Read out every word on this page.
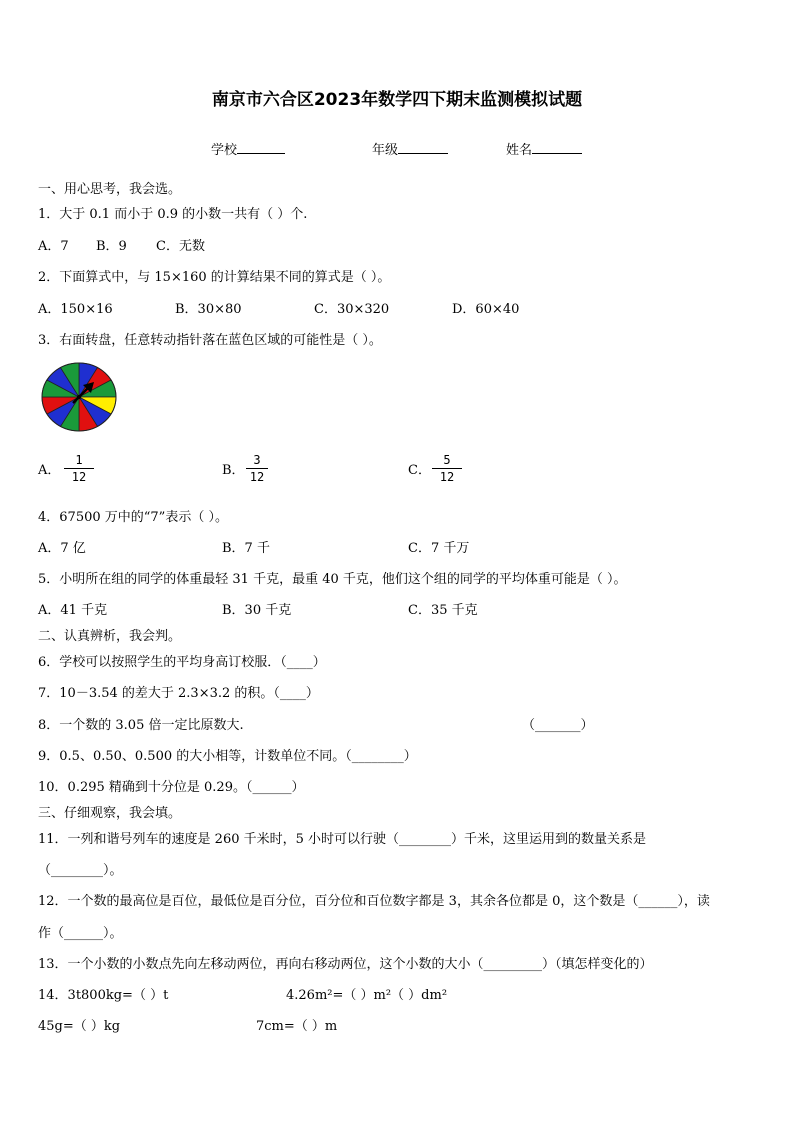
南京市六合区2023年数学四下期末监测模拟试题
学校	年级	姓名
一、用心思考，我会选。
1．大于 0.1 而小于 0.9 的小数一共有（ ）个.
A．7 B．9 C．无数
2．下面算式中，与 15×160 的计算结果不同的算式是（ ）。
A．150×16	B．30×80	C．30×320	D．60×40
3．右面转盘，任意转动指针落在蓝色区域的可能性是（ ）。
A．
1
12	B．
3
12	C．
5
12
4．67500 万中的“7”表示（ ）。
A．7 亿	B．7 千	C．7 千万
5．小明所在组的同学的体重最轻 31 千克，最重 40 千克，他们这个组的同学的平均体重可能是（ ）。
A．41 千克	B．30 千克	C．35 千克
二、认真辨析，我会判。
6．学校可以按照学生的平均身高订校服．（____）
7．10－3.54 的差大于 2.3×3.2 的积。（____）
8．一个数的 3.05 倍一定比原数大.	（_______）
9．0.5、0.50、0.500 的大小相等，计数单位不同。（________）
10．0.295 精确到十分位是 0.29。（______）
三、仔细观察，我会填。
11．一列和谐号列车的速度是 260 千米时，5 小时可以行驶（________）千米，这里运用到的数量关系是
（________）。
12．一个数的最高位是百位，最低位是百分位，百分位和百位数字都是 3，其余各位都是 0，这个数是（______），读
作（______）。
13．一个小数的小数点先向左移动两位，再向右移动两位，这个小数的大小（_________）（填怎样变化的）
14．3t800kg=（ ）t	4.26m²=（ ）m²（ ）dm²
45g=（ ）kg	7cm=（ ）m
